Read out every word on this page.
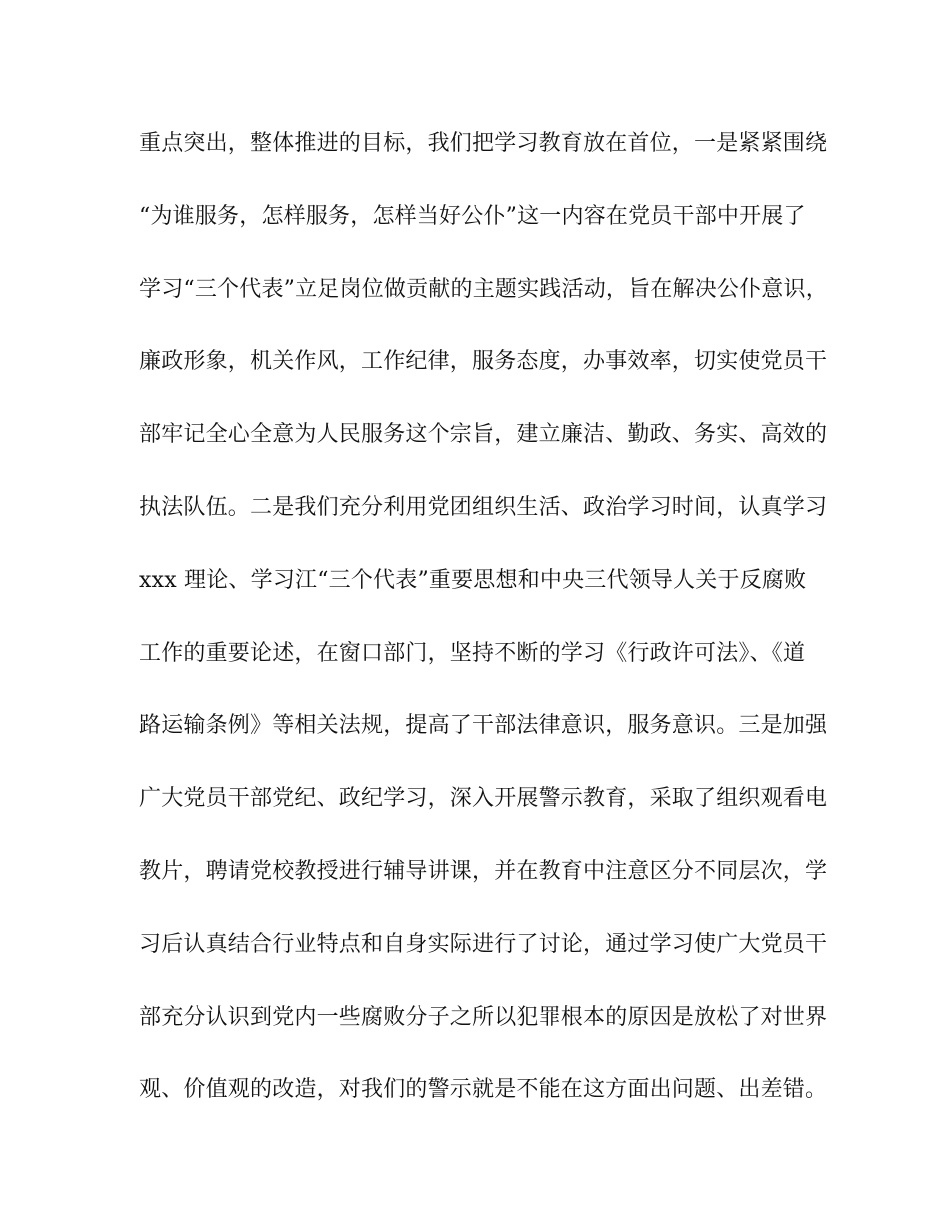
重点突出，整体推进的目标，我们把学习教育放在首位，一是紧紧围绕
“为谁服务，怎样服务，怎样当好公仆”这一内容在党员干部中开展了
学习“三个代表”立足岗位做贡献的主题实践活动，旨在解决公仆意识，
廉政形象，机关作风，工作纪律，服务态度，办事效率，切实使党员干
部牢记全心全意为人民服务这个宗旨，建立廉洁、勤政、务实、高效的
执法队伍。二是我们充分利用党团组织生活、政治学习时间，认真学习
xxx 理论、学习江“三个代表”重要思想和中央三代领导人关于反腐败
工作的重要论述，在窗口部门，坚持不断的学习《行政许可法》、《道
路运输条例》等相关法规，提高了干部法律意识，服务意识。三是加强
广大党员干部党纪、政纪学习，深入开展警示教育，采取了组织观看电
教片，聘请党校教授进行辅导讲课，并在教育中注意区分不同层次，学
习后认真结合行业特点和自身实际进行了讨论，通过学习使广大党员干
部充分认识到党内一些腐败分子之所以犯罪根本的原因是放松了对世界
观、价值观的改造，对我们的警示就是不能在这方面出问题、出差错。
